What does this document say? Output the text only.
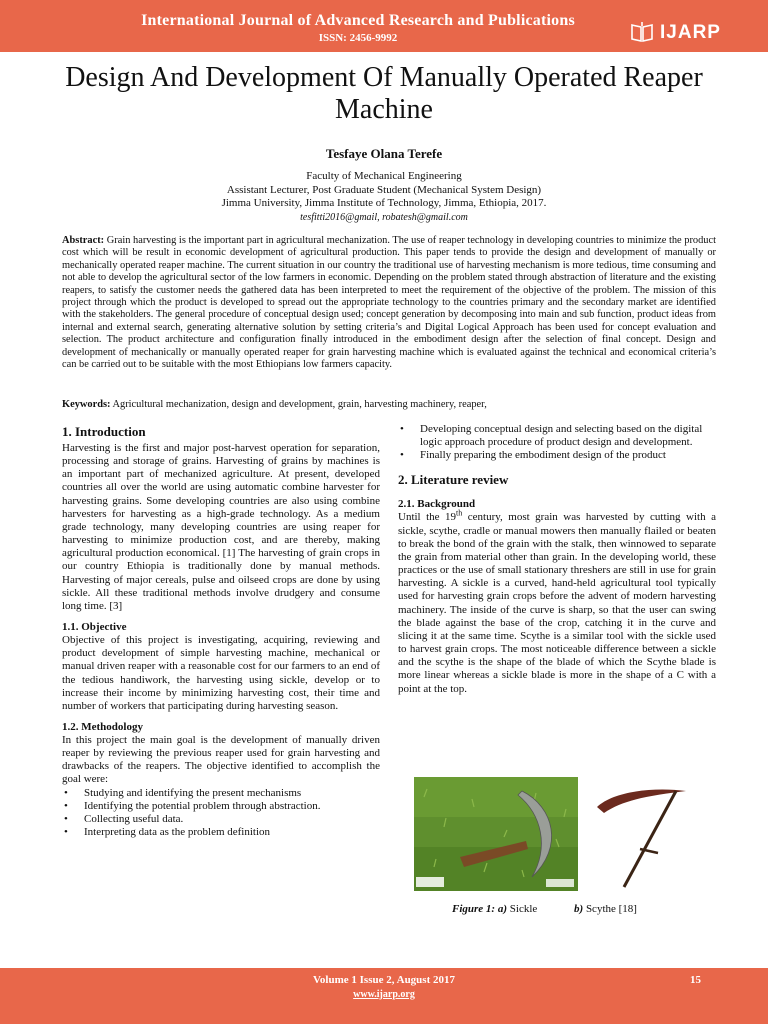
International Journal of Advanced Research and Publications
ISSN: 2456-9992	IJARP
Design And Development Of Manually Operated Reaper Machine
Tesfaye Olana Terefe
Faculty of Mechanical Engineering
Assistant Lecturer, Post Graduate Student (Mechanical System Design)
Jimma University, Jimma Institute of Technology, Jimma, Ethiopia, 2017.
tesfitti2016@gmail, robatesh@gmail.com
Abstract: Grain harvesting is the important part in agricultural mechanization. The use of reaper technology in developing countries to minimize the product cost which will be result in economic development of agricultural production. This paper tends to provide the design and development of manually or mechanically operated reaper machine. The current situation in our country the traditional use of harvesting mechanism is more tedious, time consuming and not able to develop the agricultural sector of the low farmers in economic. Depending on the problem stated through abstraction of literature and the existing reapers, to satisfy the customer needs the gathered data has been interpreted to meet the requirement of the objective of the problem. The mission of this project through which the product is developed to spread out the appropriate technology to the countries primary and the secondary market are identified with the stakeholders. The general procedure of conceptual design used; concept generation by decomposing into main and sub function, product ideas from internal and external search, generating alternative solution by setting criteria’s and Digital Logical Approach has been used for concept evaluation and selection. The product architecture and configuration finally introduced in the embodiment design after the selection of final concept. Design and development of mechanically or manually operated reaper for grain harvesting machine which is evaluated against the technical and economical criteria’s can be carried out to be suitable with the most Ethiopians low farmers capacity.
Keywords: Agricultural mechanization, design and development, grain, harvesting machinery, reaper,
1. Introduction

Harvesting is the first and major post-harvest operation for separation, processing and storage of grains. Harvesting of grains by machines is an important part of mechanized agriculture. At present, developed countries all over the world are using automatic combine harvester for harvesting grains. Some developing countries are also using combine harvesters for harvesting as a high-grade technology. As a medium grade technology, many developing countries are using reaper for harvesting to minimize production cost, and are thereby, making agricultural production economical. [1] The harvesting of grain crops in our country Ethiopia is traditionally done by manual methods. Harvesting of major cereals, pulse and oilseed crops are done by using sickle. All these traditional methods involve drudgery and consume long time. [3]

1.1. Objective

Objective of this project is investigating, acquiring, reviewing and product development of simple harvesting machine, mechanical or manual driven reaper with a reasonable cost for our farmers to an end of the tedious handiwork, the harvesting using sickle, develop or to increase their income by minimizing harvesting cost, their time and number of workers that participating during harvesting season.

1.2. Methodology

In this project the main goal is the development of manually driven reaper by reviewing the previous reaper used for grain harvesting and drawbacks of the reapers. The objective identified to accomplish the goal were:

• Studying and identifying the present mechanisms
• Identifying the potential problem through abstraction.
• Collecting useful data.
• Interpreting data as the problem definition
• Developing conceptual design and selecting based on the digital logic approach procedure of product design and development.
• Finally preparing the embodiment design of the product
2. Literature review
2.1. Background

Until the 19th century, most grain was harvested by cutting with a sickle, scythe, cradle or manual mowers then manually flailed or beaten to break the bond of the grain with the stalk, then winnowed to separate the grain from material other than grain. In the developing world, these practices or the use of small stationary threshers are still in use for grain harvesting. A sickle is a curved, hand-held agricultural tool typically used for harvesting grain crops before the advent of modern harvesting machinery. The inside of the curve is sharp, so that the user can swing the blade against the base of the crop, catching it in the curve and slicing it at the same time. Scythe is a similar tool with the sickle used to harvest grain crops. The most noticeable difference between a sickle and the scythe is the shape of the blade of which the Scythe blade is more linear whereas a sickle blade is more in the shape of a C with a point at the top.

Figure 1: a) Sickle	b) Scythe [18]
Volume 1 Issue 2, August 2017
www.ijarp.org
15
